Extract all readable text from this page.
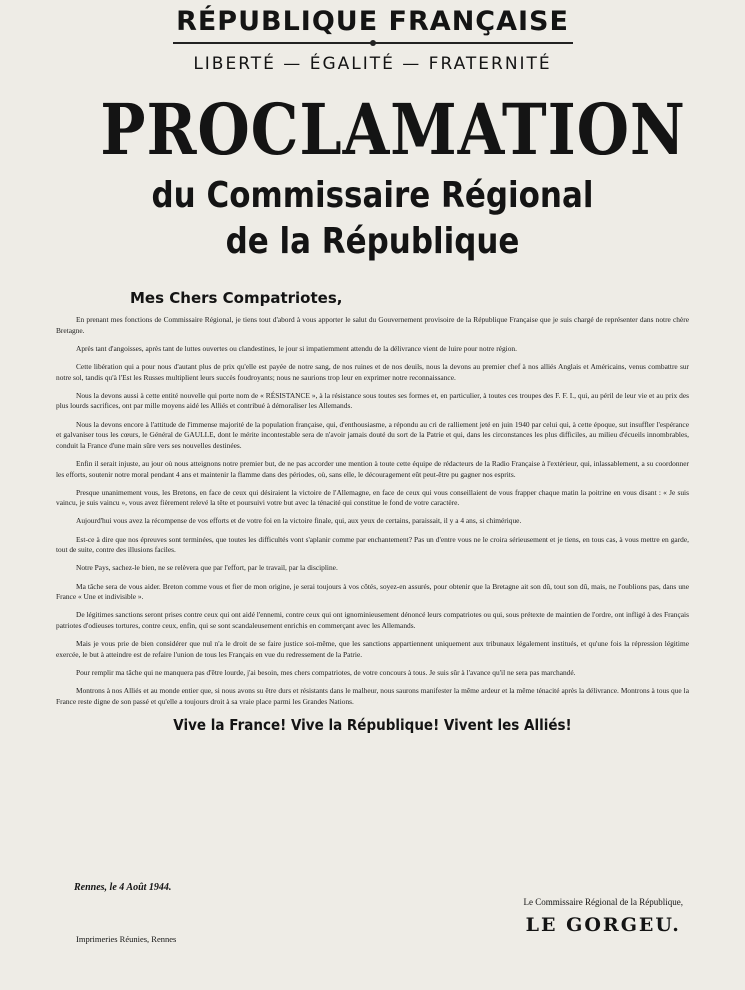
RÉPUBLIQUE FRANÇAISE
LIBERTÉ — ÉGALITÉ — FRATERNITÉ
PROCLAMATION
du Commissaire Régional
de la République
Mes Chers Compatriotes,

En prenant mes fonctions de Commissaire Régional, je tiens tout d'abord à vous apporter le salut du Gouvernement provisoire de la République Française que je suis chargé de représenter dans notre chère Bretagne.

Après tant d'angoisses, après tant de luttes ouvertes ou clandestines, le jour si impatiemment attendu de la délivrance vient de luire pour notre région.

Cette libération qui a pour nous d'autant plus de prix qu'elle est payée de notre sang, de nos ruines et de nos deuils, nous la devons au premier chef à nos alliés Anglais et Américains, venus combattre sur notre sol, tandis qu'à l'Est les Russes multiplient leurs succès foudroyants; nous ne saurions trop leur en exprimer notre reconnaissance.

Nous la devons aussi à cette entité nouvelle qui porte nom de « RÉSISTANCE », à la résistance sous toutes ses formes et, en particulier, à toutes ces troupes des F. F. I., qui, au péril de leur vie et au prix des plus lourds sacrifices, ont par mille moyens aidé les Alliés et contribué à démoraliser les Allemands.

Nous la devons encore à l'attitude de l'immense majorité de la population française, qui, d'enthousiasme, a répondu au cri de ralliement jeté en juin 1940 par celui qui, à cette époque, sut insuffler l'espérance et galvaniser tous les cœurs, le Général de GAULLE, dont le mérite incontestable sera de n'avoir jamais douté du sort de la Patrie et qui, dans les circonstances les plus difficiles, au milieu d'écueils innombrables, conduit la France d'une main sûre vers ses nouvelles destinées.

Enfin il serait injuste, au jour où nous atteignons notre premier but, de ne pas accorder une mention à toute cette équipe de rédacteurs de la Radio Française à l'extérieur, qui, inlassablement, a su coordonner les efforts, soutenir notre moral pendant 4 ans et maintenir la flamme dans des périodes, où, sans elle, le découragement eût peut-être pu gagner nos esprits.

Presque unanimement vous, les Bretons, en face de ceux qui désiraient la victoire de l'Allemagne, en face de ceux qui vous conseillaient de vous frapper chaque matin la poitrine en vous disant : « Je suis vaincu, je suis vaincu », vous avez fièrement relevé la tête et poursuivi votre but avec la ténacité qui constitue le fond de votre caractère.

Aujourd'hui vous avez la récompense de vos efforts et de votre foi en la victoire finale, qui, aux yeux de certains, paraissait, il y a 4 ans, si chimérique.

Est-ce à dire que nos épreuves sont terminées, que toutes les difficultés vont s'aplanir comme par enchantement? Pas un d'entre vous ne le croira sérieusement et je tiens, en tous cas, à vous mettre en garde, tout de suite, contre des illusions faciles.

Notre Pays, sachez-le bien, ne se relèvera que par l'effort, par le travail, par la discipline.

Ma tâche sera de vous aider. Breton comme vous et fier de mon origine, je serai toujours à vos côtés, soyez-en assurés, pour obtenir que la Bretagne ait son dû, tout son dû, mais, ne l'oublions pas, dans une France « Une et indivisible ».

De légitimes sanctions seront prises contre ceux qui ont aidé l'ennemi, contre ceux qui ont ignominieusement dénoncé leurs compatriotes ou qui, sous prétexte de maintien de l'ordre, ont infligé à des Français patriotes d'odieuses tortures, contre ceux, enfin, qui se sont scandaleusement enrichis en commerçant avec les Allemands.

Mais je vous prie de bien considérer que nul n'a le droit de se faire justice soi-même, que les sanctions appartiennent uniquement aux tribunaux légalement institués, et qu'une fois la répression légitime exercée, le but à atteindre est de refaire l'union de tous les Français en vue du redressement de la Patrie.

Pour remplir ma tâche qui ne manquera pas d'être lourde, j'ai besoin, mes chers compatriotes, de votre concours à tous. Je suis sûr à l'avance qu'il ne sera pas marchandé.

Montrons à nos Alliés et au monde entier que, si nous avons su être durs et résistants dans le malheur, nous saurons manifester la même ardeur et la même ténacité après la délivrance. Montrons à tous que la France reste digne de son passé et qu'elle a toujours droit à sa vraie place parmi les Grandes Nations.

Vive la France! Vive la République! Vivent les Alliés!
Rennes, le 4 Août 1944.
Le Commissaire Régional de la République,
LE GORGEU.
Imprimeries Réunies, Rennes
